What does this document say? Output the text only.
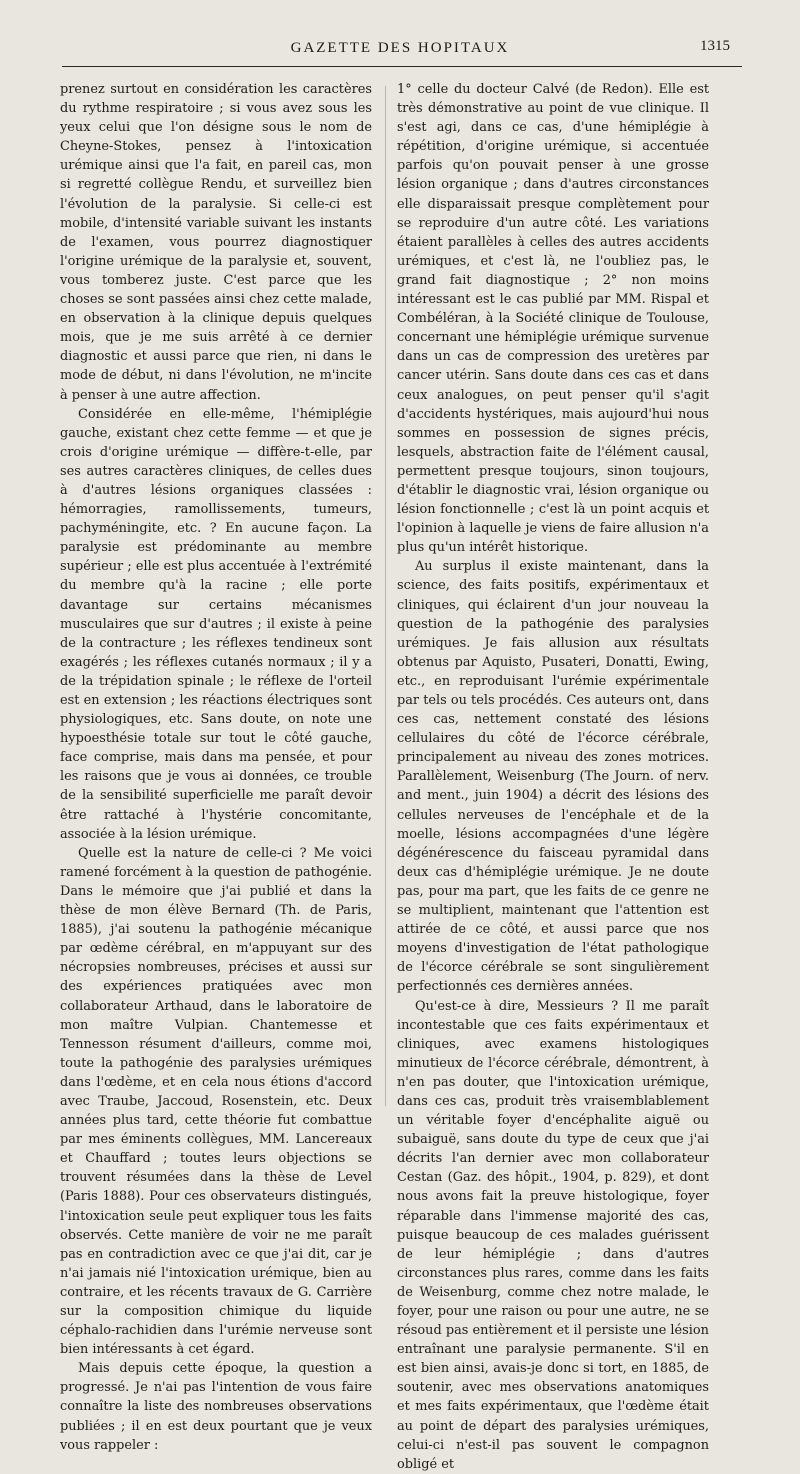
GAZETTE DES HOPITAUX	1315

prenez surtout en considération les caractères du rythme respiratoire ; si vous avez sous les yeux celui que l'on désigne sous le nom de Cheyne-Stokes, pensez à l'intoxication urémique ainsi que l'a fait, en pareil cas, mon si regretté collègue Rendu, et surveillez bien l'évolution de la paralysie. Si celle-ci est mobile, d'intensité variable suivant les instants de l'examen, vous pourrez diagnostiquer l'origine urémique de la paralysie et, souvent, vous tomberez juste. C'est parce que les choses se sont passées ainsi chez cette malade, en observation à la clinique depuis quelques mois, que je me suis arrêté à ce dernier diagnostic et aussi parce que rien, ni dans le mode de début, ni dans l'évolution, ne m'incite à penser à une autre affection.

Considérée en elle-même, l'hémiplégie gauche, existant chez cette femme — et que je crois d'origine urémique — diffère-t-elle, par ses autres caractères cliniques, de celles dues à d'autres lésions organiques classées : hémorragies, ramollissements, tumeurs, pachyméningite, etc. ? En aucune façon. La paralysie est prédominante au membre supérieur ; elle est plus accentuée à l'extrémité du membre qu'à la racine ; elle porte davantage sur certains mécanismes musculaires que sur d'autres ; il existe à peine de la contracture ; les réflexes tendineux sont exagérés ; les réflexes cutanés normaux ; il y a de la trépidation spinale ; le réflexe de l'orteil est en extension ; les réactions électriques sont physiologiques, etc. Sans doute, on note une hypoesthésie totale sur tout le côté gauche, face comprise, mais dans ma pensée, et pour les raisons que je vous ai données, ce trouble de la sensibilité superficielle me paraît devoir être rattaché à l'hystérie concomitante, associée à la lésion urémique.

Quelle est la nature de celle-ci ? Me voici ramené forcément à la question de pathogénie. Dans le mémoire que j'ai publié et dans la thèse de mon élève Bernard (Th. de Paris, 1885), j'ai soutenu la pathogénie mécanique par œdème cérébral, en m'appuyant sur des nécropsies nombreuses, précises et aussi sur des expériences pratiquées avec mon collaborateur Arthaud, dans le laboratoire de mon maître Vulpian. Chantemesse et Tennesson résument d'ailleurs, comme moi, toute la pathogénie des paralysies urémiques dans l'œdème, et en cela nous étions d'accord avec Traube, Jaccoud, Rosenstein, etc. Deux années plus tard, cette théorie fut combattue par mes éminents collègues, MM. Lancereaux et Chauffard ; toutes leurs objections se trouvent résumées dans la thèse de Level (Paris 1888). Pour ces observateurs distingués, l'intoxication seule peut expliquer tous les faits observés. Cette manière de voir ne me paraît pas en contradiction avec ce que j'ai dit, car je n'ai jamais nié l'intoxication urémique, bien au contraire, et les récents travaux de G. Carrière sur la composition chimique du liquide céphalo-rachidien dans l'urémie nerveuse sont bien intéressants à cet égard.

Mais depuis cette époque, la question a progressé. Je n'ai pas l'intention de vous faire connaître la liste des nombreuses observations publiées ; il en est deux pourtant que je veux vous rappeler :

1° celle du docteur Calvé (de Redon). Elle est très démonstrative au point de vue clinique. Il s'est agi, dans ce cas, d'une hémiplégie à répétition, d'origine urémique, si accentuée parfois qu'on pouvait penser à une grosse lésion organique ; dans d'autres circonstances elle disparaissait presque complètement pour se reproduire d'un autre côté. Les variations étaient parallèles à celles des autres accidents urémiques, et c'est là, ne l'oubliez pas, le grand fait diagnostique ; 2° non moins intéressant est le cas publié par MM. Rispal et Combéléran, à la Société clinique de Toulouse, concernant une hémiplégie urémique survenue dans un cas de compression des uretères par cancer utérin. Sans doute dans ces cas et dans ceux analogues, on peut penser qu'il s'agit d'accidents hystériques, mais aujourd'hui nous sommes en possession de signes précis, lesquels, abstraction faite de l'élément causal, permettent presque toujours, sinon toujours, d'établir le diagnostic vrai, lésion organique ou lésion fonctionnelle ; c'est là un point acquis et l'opinion à laquelle je viens de faire allusion n'a plus qu'un intérêt historique.

Au surplus il existe maintenant, dans la science, des faits positifs, expérimentaux et cliniques, qui éclairent d'un jour nouveau la question de la pathogénie des paralysies urémiques. Je fais allusion aux résultats obtenus par Aquisto, Pusateri, Donatti, Ewing, etc., en reproduisant l'urémie expérimentale par tels ou tels procédés. Ces auteurs ont, dans ces cas, nettement constaté des lésions cellulaires du côté de l'écorce cérébrale, principalement au niveau des zones motrices. Parallèlement, Weisenburg (The Journ. of nerv. and ment., juin 1904) a décrit des lésions des cellules nerveuses de l'encéphale et de la moelle, lésions accompagnées d'une légère dégénérescence du faisceau pyramidal dans deux cas d'hémiplégie urémique. Je ne doute pas, pour ma part, que les faits de ce genre ne se multiplient, maintenant que l'attention est attirée de ce côté, et aussi parce que nos moyens d'investigation de l'état pathologique de l'écorce cérébrale se sont singulièrement perfectionnés ces dernières années.

Qu'est-ce à dire, Messieurs ? Il me paraît incontestable que ces faits expérimentaux et cliniques, avec examens histologiques minutieux de l'écorce cérébrale, démontrent, à n'en pas douter, que l'intoxication urémique, dans ces cas, produit très vraisemblablement un véritable foyer d'encéphalite aiguë ou subaiguë, sans doute du type de ceux que j'ai décrits l'an dernier avec mon collaborateur Cestan (Gaz. des hôpit., 1904, p. 829), et dont nous avons fait la preuve histologique, foyer réparable dans l'immense majorité des cas, puisque beaucoup de ces malades guérissent de leur hémiplégie ; dans d'autres circonstances plus rares, comme dans les faits de Weisenburg, comme chez notre malade, le foyer, pour une raison ou pour une autre, ne se résoud pas entièrement et il persiste une lésion entraînant une paralysie permanente. S'il en est bien ainsi, avais-je donc si tort, en 1885, de soutenir, avec mes observations anatomiques et mes faits expérimentaux, que l'œdème était au point de départ des paralysies urémiques, celui-ci n'est-il pas souvent le compagnon obligé et
